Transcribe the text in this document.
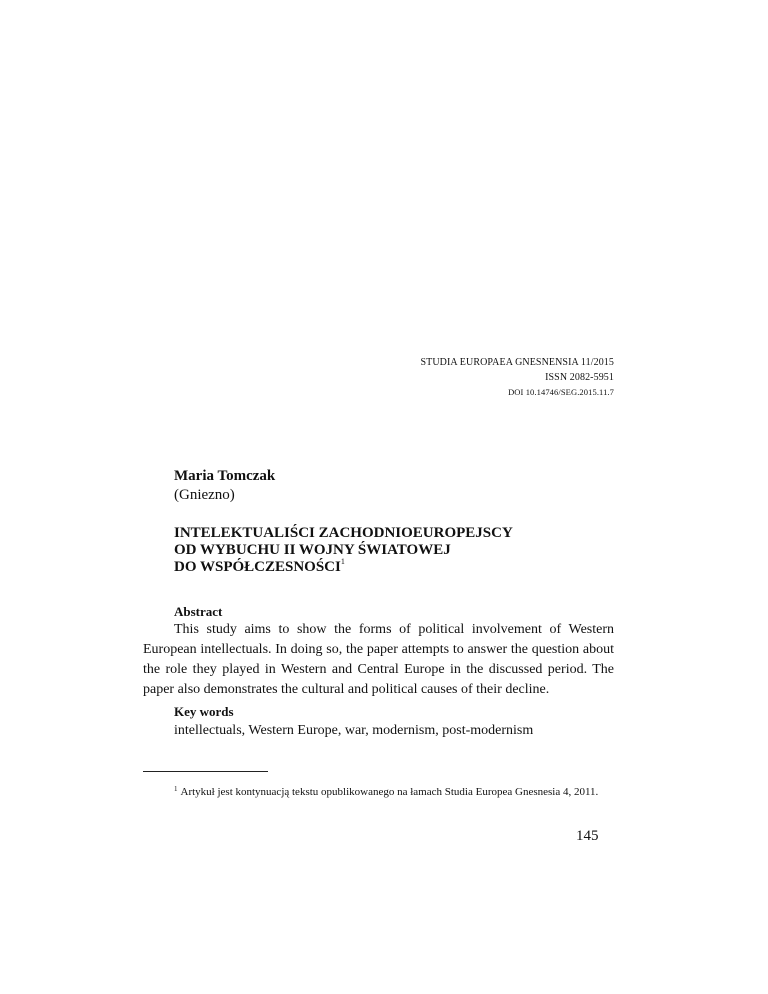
STUDIA EUROPAEA GNESNENSIA 11/2015
ISSN 2082-5951
DOI 10.14746/SEG.2015.11.7
Maria Tomczak
(Gniezno)
INTELEKTUALIŚCI ZACHODNIOEUROPEJSCY
OD WYBUCHU II WOJNY ŚWIATOWEJ
DO WSPÓŁCZESNOŚCI$^1$
Abstract

This study aims to show the forms of political involvement of Western European intellectuals. In doing so, the paper attempts to answer the question about the role they played in Western and Central Europe in the discussed period. The paper also demonstrates the cultural and political causes of their decline.

Key words
intellectuals, Western Europe, war, modernism, post-modernism

$^1$ Artykuł jest kontynuacją tekstu opublikowanego na łamach Studia Europea Gnesnesia 4, 2011.

145
